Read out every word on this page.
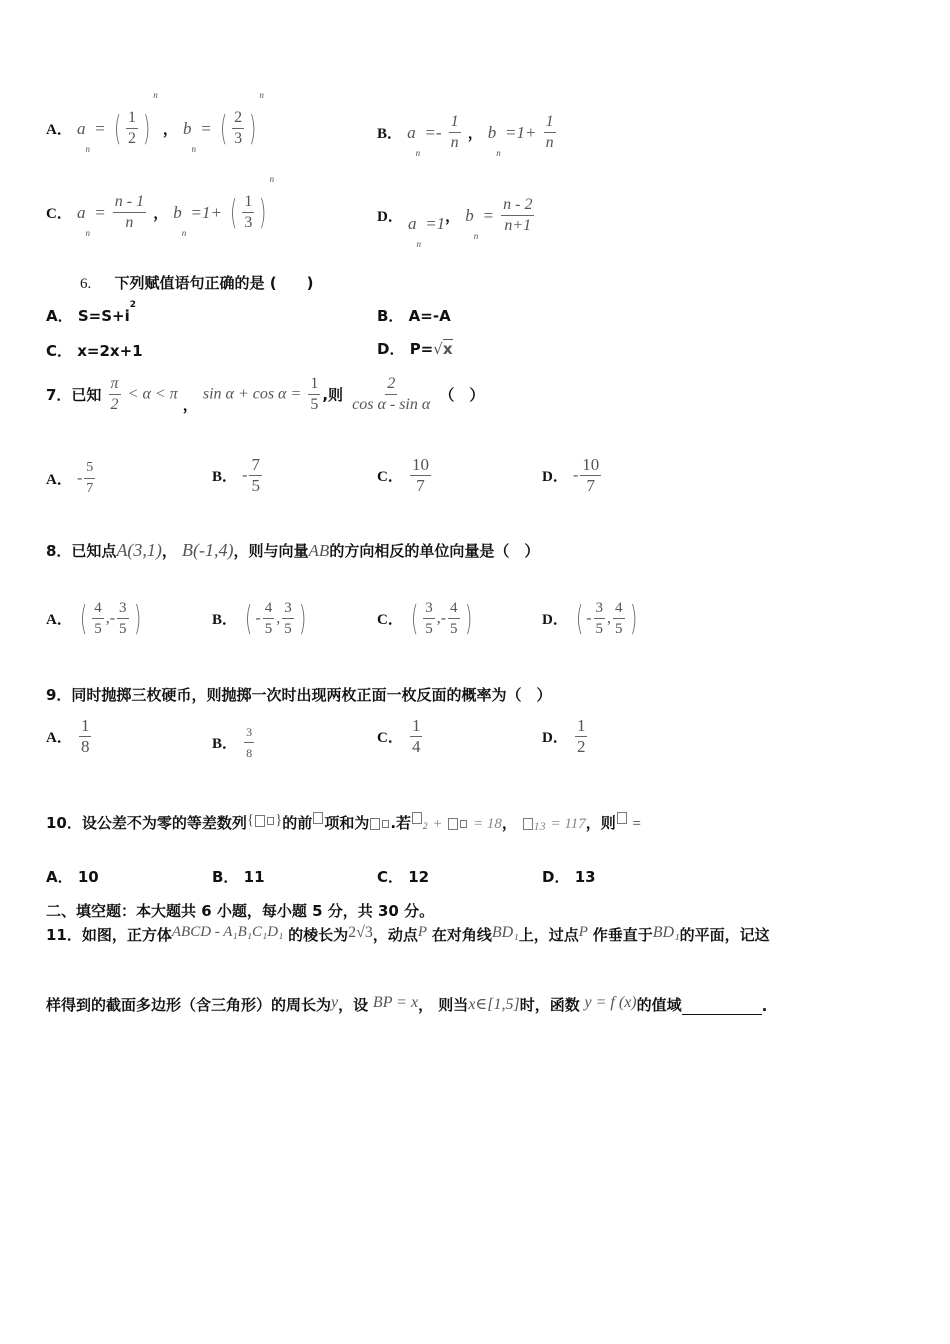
A． $a_n$ = ( $\frac{1}{2} )^n$ ， $b_n$ = ( $\frac{2}{3} )^n$
B． $a_n =- \frac{1}{n}$ ， $b_n =1+ \frac{1}{n}$
C． $a_n = \frac{n - 1}{n}$ ， $b_n =1+$ ( $\frac{1}{3} )^n$
D． $a_n =1$， $b_n = \frac{n - 2}{n+1}$
6. 下列赋值语句正确的是 (　　)
A． $S=S+i^2$
B． A=-A
C． x=2x+1	D． P=√x
7．已知 $\frac{\pi}{2} < \alpha < \pi$ ， $\sin \alpha + \cos \alpha = \frac{1}{5}$ ,则 $\frac{2}{\text{cos α - sin α}}$ （　）
A． - $\frac{5}{7}$	B． - $\frac{7}{5}$	C． $\frac{10}{7}$	D． - $\frac{10}{7}$
8．已知点A(3,1)， B(-1,4)，则与向量AB的方向相反的单位向量是（　）
A． ( $\frac{4}{5}$ ,- $\frac{3}{5}$ )	B． ( - $\frac{4}{5}$ , $\frac{3}{5}$ )	C． ( $\frac{3}{5}$ ,- $\frac{4}{5}$ )	D． ( - $\frac{3}{5}$ , $\frac{4}{5}$ )
9．同时抛掷三枚硬币，则抛掷一次时出现两枚正面一枚反面的概率为（　）
A． $\frac{1}{8}$	B． $\frac{3}{8}$	C． $\frac{1}{4}$	D． $\frac{1}{2}$
10．设公差不为零的等差数列{ }的前 项和为 .若 2 + = 18， 13 = 117，则 =
A． 10	B． 11	C． 12	D． 13
二、填空题：本大题共 6 小题，每小题 5 分，共 30 分。
11．如图，正方体ABCD - A₁B₁C₁D₁ 的棱长为2√3，动点P 在对角线BD₁上，过点P 作垂直于BD₁的平面，记这
样得到的截面多边形（含三角形）的周长为y，设 BP = x， 则当x∈[1,5]时，函数 y = f (x)的值域	.
